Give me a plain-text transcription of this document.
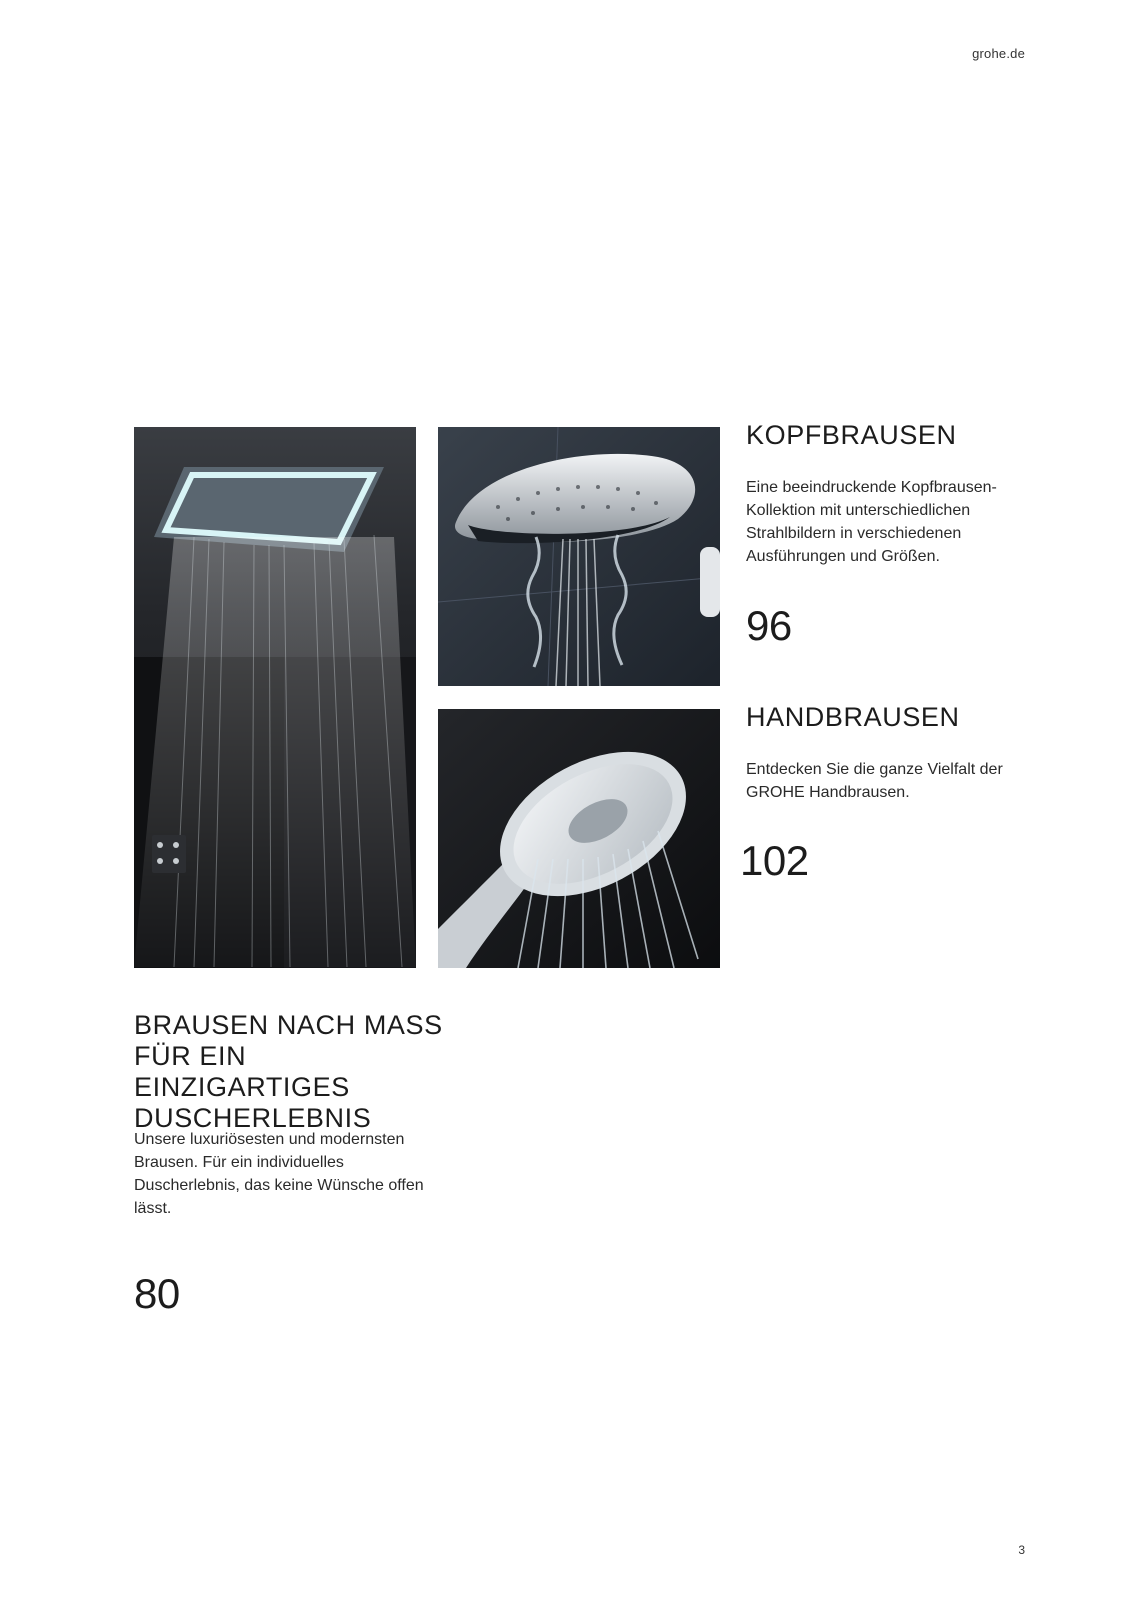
grohe.de
KOPFBRAUSEN

Eine beeindruckende Kopfbrausen-Kollektion mit unterschiedlichen Strahlbildern in verschiedenen Ausführungen und Größen.

96
HANDBRAUSEN

Entdecken Sie die ganze Vielfalt der GROHE Handbrausen.

102
BRAUSEN NACH MASS FÜR EIN EINZIGARTIGES DUSCHERLEBNIS

Unsere luxuriösesten und modernsten Brausen. Für ein individuelles Duscherlebnis, das keine Wünsche offen lässt.

80
3
